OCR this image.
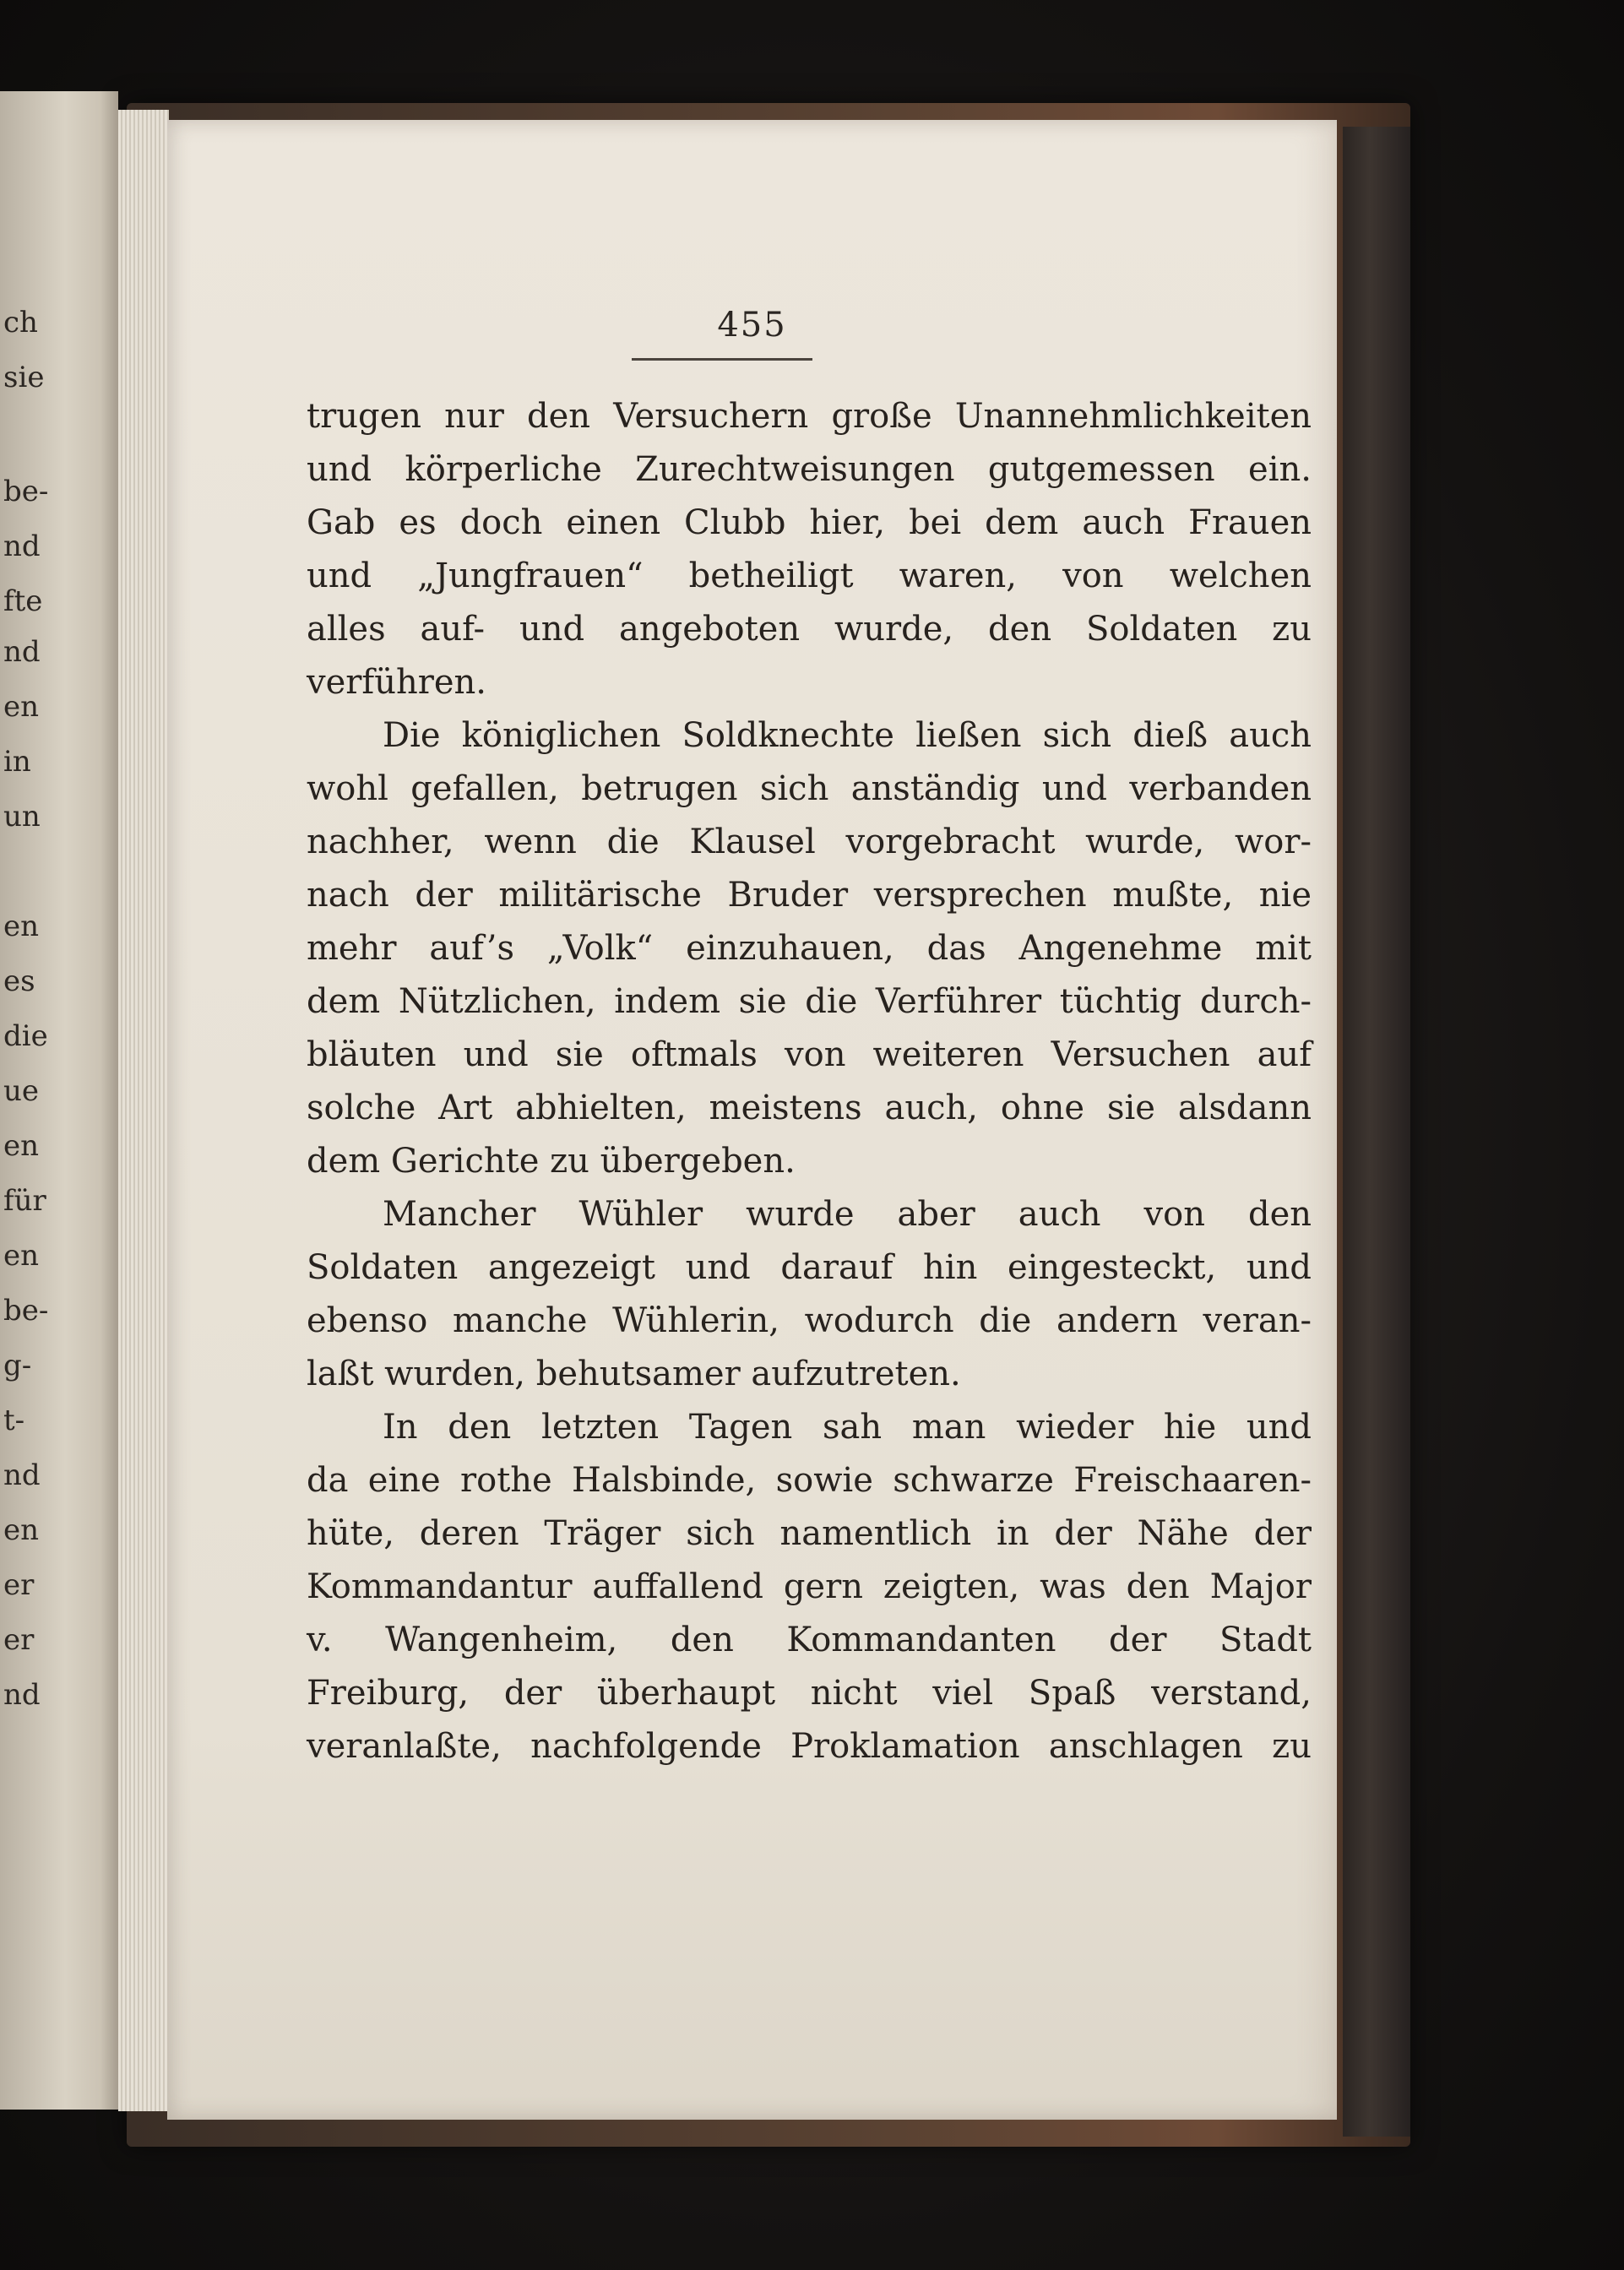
ch
sie
be-
nd
fte
nd
en
in
un
en
es
die
ue
en
für
en
be-
g-
t-
nd
en
er
er
nd
455
trugen nur den Versuchern große Unannehmlichkeiten
und körperliche Zurechtweisungen gutgemessen ein.
Gab es doch einen Clubb hier, bei dem auch Frauen
und „Jungfrauen“ betheiligt waren, von welchen
alles auf- und angeboten wurde, den Soldaten zu
verführen.
Die königlichen Soldknechte ließen sich dieß auch
wohl gefallen, betrugen sich anständig und verbanden
nachher, wenn die Klausel vorgebracht wurde, wor-
nach der militärische Bruder versprechen mußte, nie
mehr auf’s „Volk“ einzuhauen, das Angenehme mit
dem Nützlichen, indem sie die Verführer tüchtig durch-
bläuten und sie oftmals von weiteren Versuchen auf
solche Art abhielten, meistens auch, ohne sie alsdann
dem Gerichte zu übergeben.
Mancher Wühler wurde aber auch von den
Soldaten angezeigt und darauf hin eingesteckt, und
ebenso manche Wühlerin, wodurch die andern veran-
laßt wurden, behutsamer aufzutreten.
In den letzten Tagen sah man wieder hie und
da eine rothe Halsbinde, sowie schwarze Freischaaren-
hüte, deren Träger sich namentlich in der Nähe der
Kommandantur auffallend gern zeigten, was den Major
v. Wangenheim, den Kommandanten der Stadt
Freiburg, der überhaupt nicht viel Spaß verstand,
veranlaßte, nachfolgende Proklamation anschlagen zu
